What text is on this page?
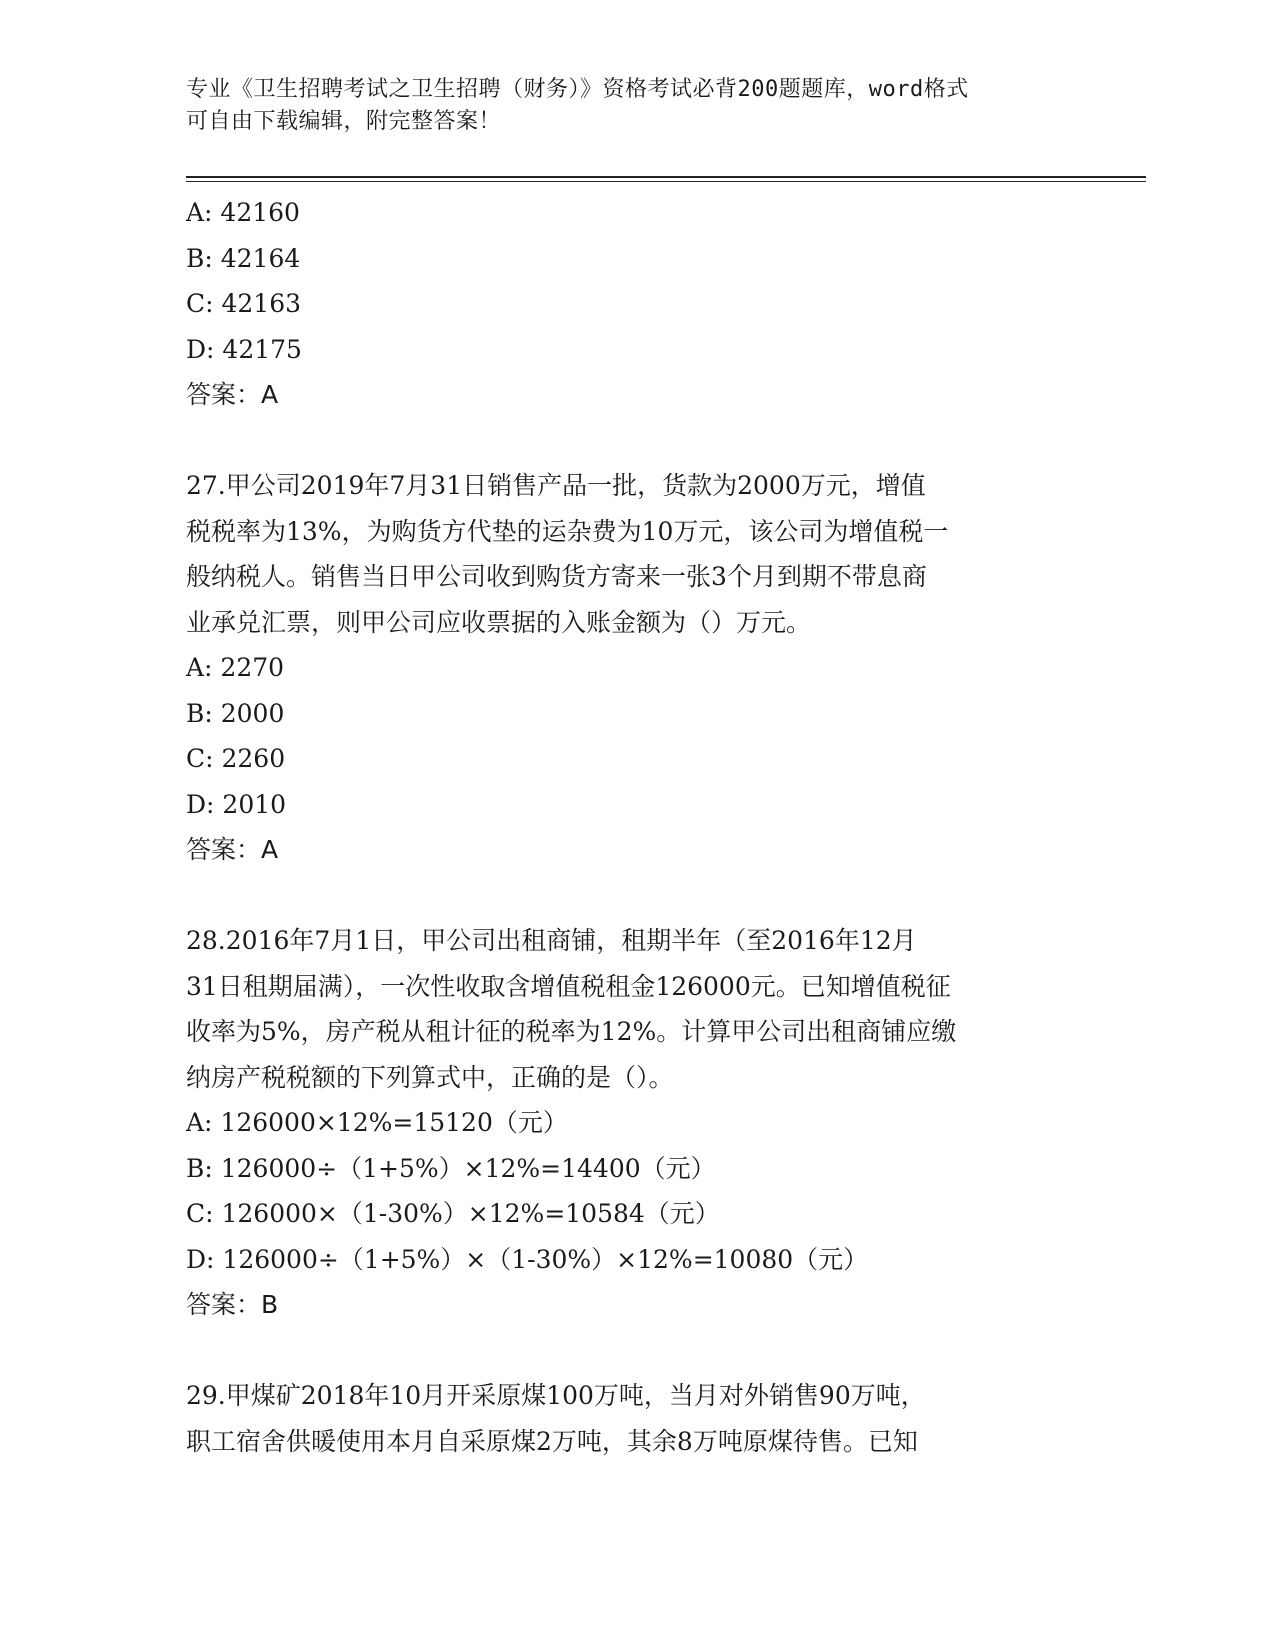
专业《卫生招聘考试之卫生招聘（财务）》资格考试必背200题题库，word格式
可自由下载编辑，附完整答案！
A: 42160
B: 42164
C: 42163
D: 42175
答案：A
27.甲公司2019年7月31日销售产品一批，货款为2000万元，增值
税税率为13%，为购货方代垫的运杂费为10万元，该公司为增值税一
般纳税人。销售当日甲公司收到购货方寄来一张3个月到期不带息商
业承兑汇票，则甲公司应收票据的入账金额为（）万元。
A: 2270
B: 2000
C: 2260
D: 2010
答案：A
28.2016年7月1日，甲公司出租商铺，租期半年（至2016年12月
31日租期届满），一次性收取含增值税租金126000元。已知增值税征
收率为5%，房产税从租计征的税率为12%。计算甲公司出租商铺应缴
纳房产税税额的下列算式中，正确的是（）。
A: 126000×12%=15120（元）
B: 126000÷（1+5%）×12%=14400（元）
C: 126000×（1-30%）×12%=10584（元）
D: 126000÷（1+5%）×（1-30%）×12%=10080（元）
答案：B
29.甲煤矿2018年10月开采原煤100万吨，当月对外销售90万吨，
职工宿舍供暖使用本月自采原煤2万吨，其余8万吨原煤待售。已知
